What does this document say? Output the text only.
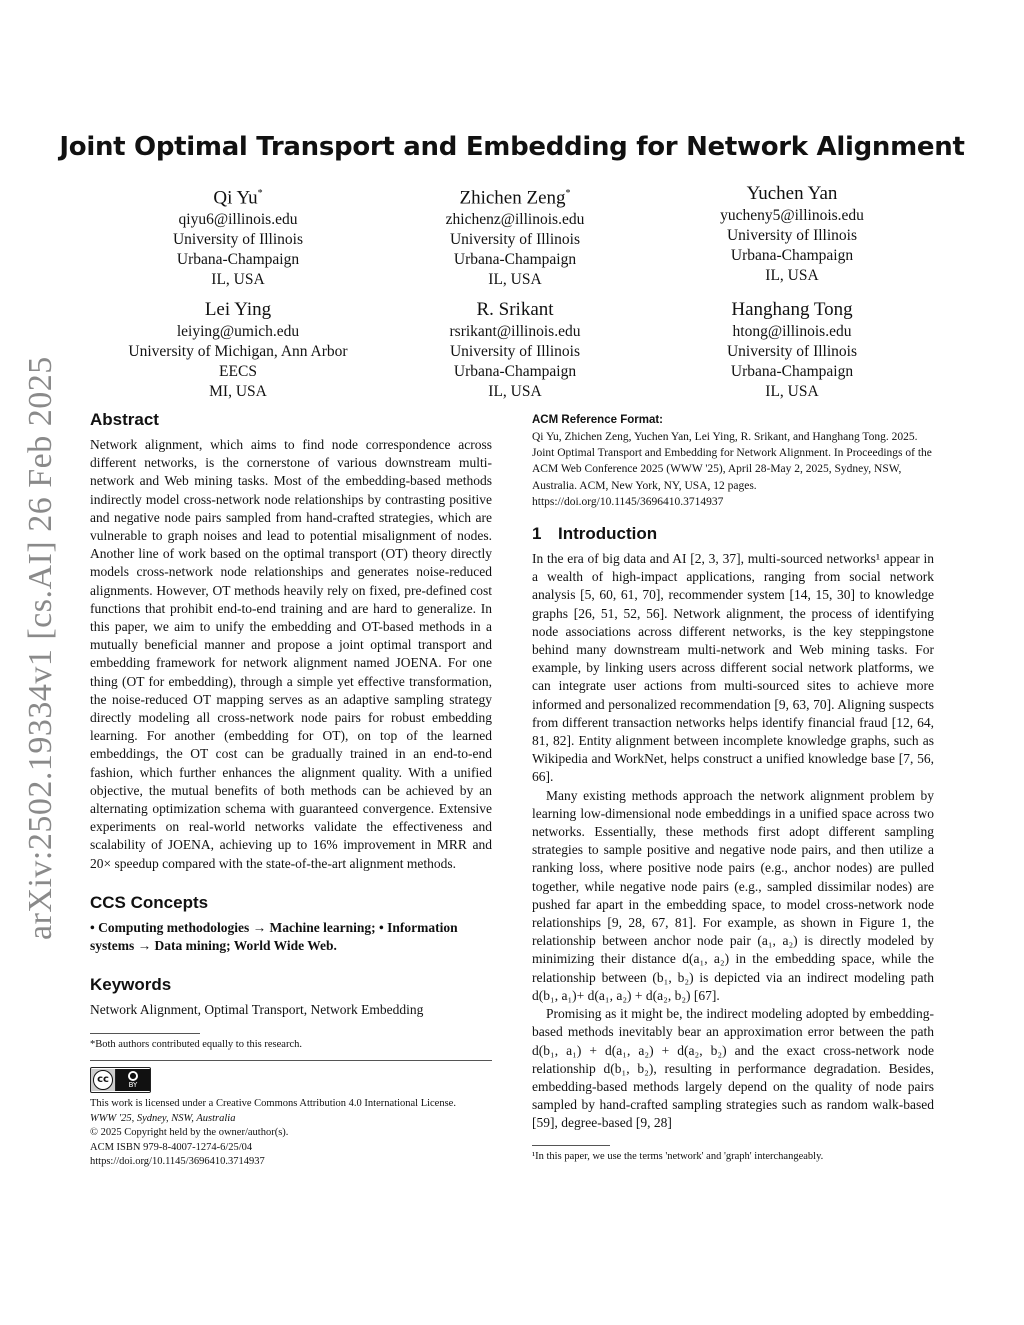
arXiv:2502.19334v1 [cs.AI] 26 Feb 2025
Joint Optimal Transport and Embedding for Network Alignment
Qi Yu*
qiyu6@illinois.edu
University of Illinois
Urbana-Champaign
IL, USA
Zhichen Zeng*
zhichenz@illinois.edu
University of Illinois
Urbana-Champaign
IL, USA
Yuchen Yan
yucheny5@illinois.edu
University of Illinois
Urbana-Champaign
IL, USA
Lei Ying
leiying@umich.edu
University of Michigan, Ann Arbor
EECS
MI, USA
R. Srikant
rsrikant@illinois.edu
University of Illinois
Urbana-Champaign
IL, USA
Hanghang Tong
htong@illinois.edu
University of Illinois
Urbana-Champaign
IL, USA
Abstract

Network alignment, which aims to find node correspondence across different networks, is the cornerstone of various downstream multi-network and Web mining tasks. Most of the embedding-based methods indirectly model cross-network node relationships by contrasting positive and negative node pairs sampled from hand-crafted strategies, which are vulnerable to graph noises and lead to potential misalignment of nodes. Another line of work based on the optimal transport (OT) theory directly models cross-network node relationships and generates noise-reduced alignments. However, OT methods heavily rely on fixed, pre-defined cost functions that prohibit end-to-end training and are hard to generalize. In this paper, we aim to unify the embedding and OT-based methods in a mutually beneficial manner and propose a joint optimal transport and embedding framework for network alignment named JOENA. For one thing (OT for embedding), through a simple yet effective transformation, the noise-reduced OT mapping serves as an adaptive sampling strategy directly modeling all cross-network node pairs for robust embedding learning. For another (embedding for OT), on top of the learned embeddings, the OT cost can be gradually trained in an end-to-end fashion, which further enhances the alignment quality. With a unified objective, the mutual benefits of both methods can be achieved by an alternating optimization schema with guaranteed convergence. Extensive experiments on real-world networks validate the effectiveness and scalability of JOENA, achieving up to 16% improvement in MRR and 20× speedup compared with the state-of-the-art alignment methods.

CCS Concepts

• Computing methodologies → Machine learning; • Information systems → Data mining; World Wide Web.

Keywords

Network Alignment, Optimal Transport, Network Embedding

*Both authors contributed equally to this research.

cc	●
BY

This work is licensed under a Creative Commons Attribution 4.0 International License.
WWW '25, Sydney, NSW, Australia
© 2025 Copyright held by the owner/author(s).
ACM ISBN 979-8-4007-1274-6/25/04
https://doi.org/10.1145/3696410.3714937

ACM Reference Format:

Qi Yu, Zhichen Zeng, Yuchen Yan, Lei Ying, R. Srikant, and Hanghang Tong. 2025. Joint Optimal Transport and Embedding for Network Alignment. In Proceedings of the ACM Web Conference 2025 (WWW '25), April 28-May 2, 2025, Sydney, NSW, Australia. ACM, New York, NY, USA, 12 pages. https://doi.org/10.1145/3696410.3714937

1 Introduction

In the era of big data and AI [2, 3, 37], multi-sourced networks¹ appear in a wealth of high-impact applications, ranging from social network analysis [5, 60, 61, 70], recommender system [14, 15, 30] to knowledge graphs [26, 51, 52, 56]. Network alignment, the process of identifying node associations across different networks, is the key steppingstone behind many downstream multi-network and Web mining tasks. For example, by linking users across different social network platforms, we can integrate user actions from multi-sourced sites to achieve more informed and personalized recommendation [9, 63, 70]. Aligning suspects from different transaction networks helps identify financial fraud [12, 64, 81, 82]. Entity alignment between incomplete knowledge graphs, such as Wikipedia and WorkNet, helps construct a unified knowledge base [7, 56, 66].

Many existing methods approach the network alignment problem by learning low-dimensional node embeddings in a unified space across two networks. Essentially, these methods first adopt different sampling strategies to sample positive and negative node pairs, and then utilize a ranking loss, where positive node pairs (e.g., anchor nodes) are pulled together, while negative node pairs (e.g., sampled dissimilar nodes) are pushed far apart in the embedding space, to model cross-network node relationships [9, 28, 67, 81]. For example, as shown in Figure 1, the relationship between anchor node pair (a₁, a₂) is directly modeled by minimizing their distance d(a₁, a₂) in the embedding space, while the relationship between (b₁, b₂) is depicted via an indirect modeling path d(b₁, a₁)+ d(a₁, a₂) + d(a₂, b₂) [67].

Promising as it might be, the indirect modeling adopted by embedding-based methods inevitably bear an approximation error between the path d(b₁, a₁) + d(a₁, a₂) + d(a₂, b₂) and the exact cross-network node relationship d(b₁, b₂), resulting in performance degradation. Besides, embedding-based methods largely depend on the quality of node pairs sampled by hand-crafted sampling strategies such as random walk-based [59], degree-based [9, 28]

¹In this paper, we use the terms 'network' and 'graph' interchangeably.
